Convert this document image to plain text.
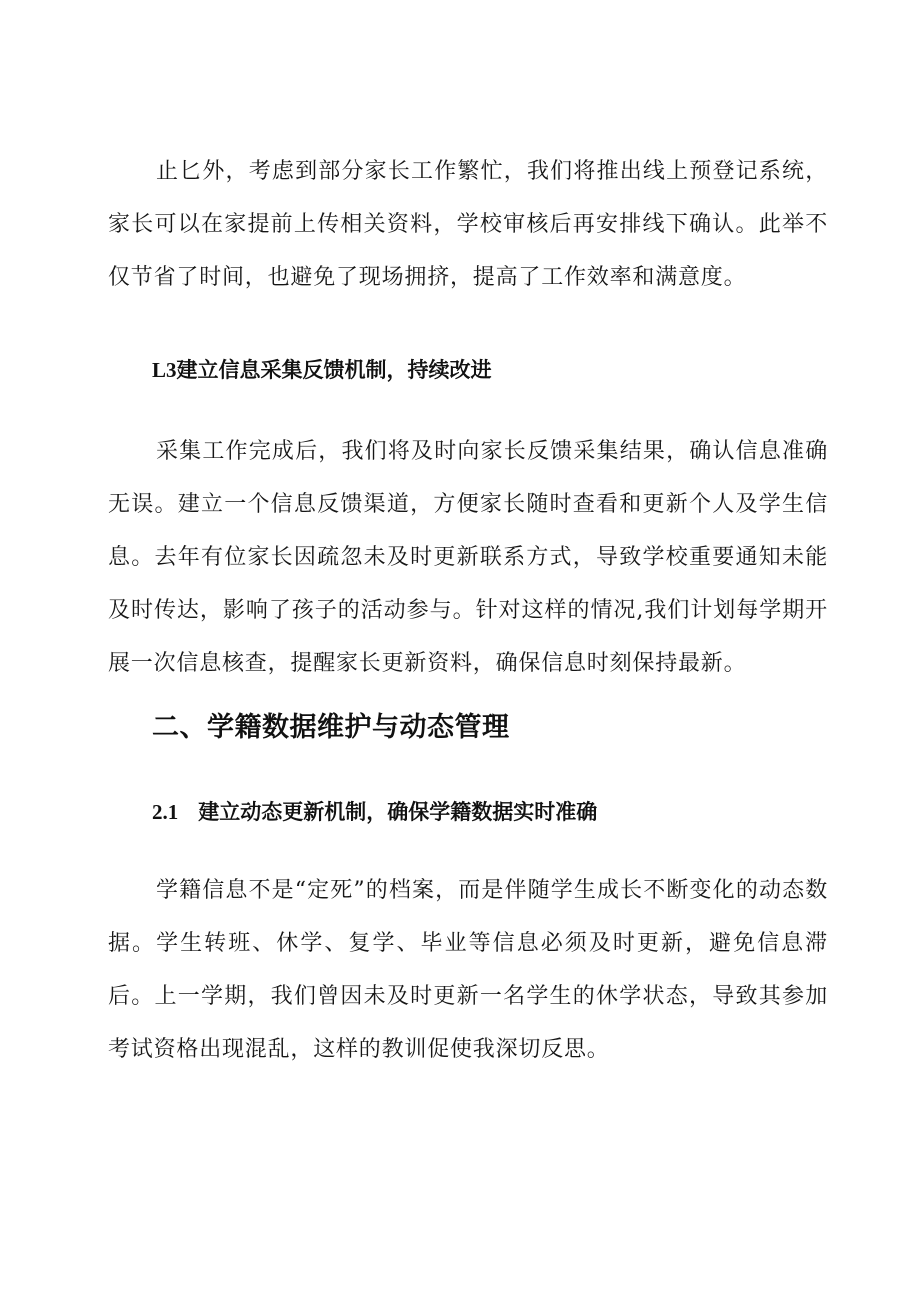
止匕外，考虑到部分家长工作繁忙，我们将推出线上预登记系统，家长可以在家提前上传相关资料，学校审核后再安排线下确认。此举不仅节省了时间，也避免了现场拥挤，提高了工作效率和满意度。

L3建立信息采集反馈机制，持续改进

采集工作完成后，我们将及时向家长反馈采集结果，确认信息准确无误。建立一个信息反馈渠道，方便家长随时查看和更新个人及学生信息。去年有位家长因疏忽未及时更新联系方式，导致学校重要通知未能及时传达，影响了孩子的活动参与。针对这样的情况,我们计划每学期开展一次信息核查，提醒家长更新资料，确保信息时刻保持最新。

二、学籍数据维护与动态管理
2.1 建立动态更新机制，确保学籍数据实时准确

学籍信息不是“定死”的档案，而是伴随学生成长不断变化的动态数据。学生转班、休学、复学、毕业等信息必须及时更新，避免信息滞后。上一学期，我们曾因未及时更新一名学生的休学状态，导致其参加考试资格出现混乱，这样的教训促使我深切反思。
